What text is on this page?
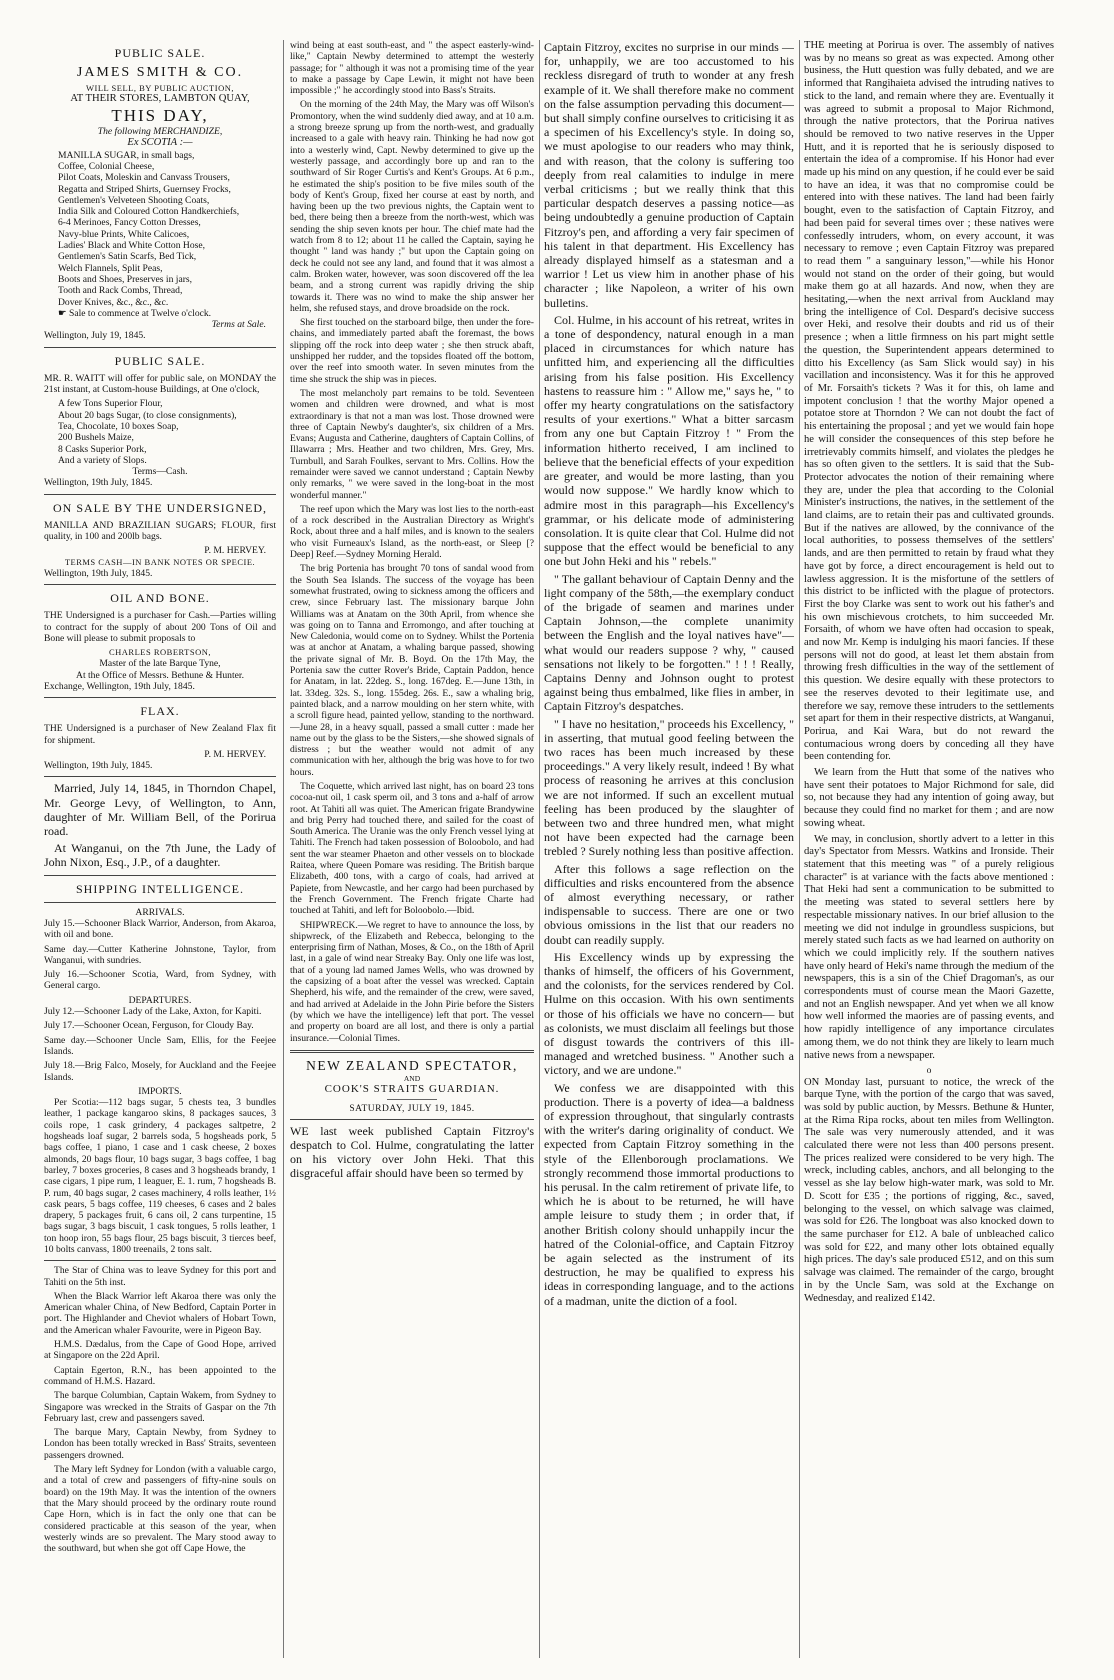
PUBLIC SALE.
JAMES SMITH & CO.
WILL SELL, BY PUBLIC AUCTION,
AT THEIR STORES, LAMBTON QUAY,
THIS DAY,
The following MERCHANDIZE,
Ex SCOTIA :—
MANILLA SUGAR, in small bags,
Coffee, Colonial Cheese,
Pilot Coats, Moleskin and Canvass Trousers,
Regatta and Striped Shirts, Guernsey Frocks,
Gentlemen's Velveteen Shooting Coats,
India Silk and Coloured Cotton Handkerchiefs,
6-4 Merinoes, Fancy Cotton Dresses,
Navy-blue Prints, White Calicoes,
Ladies' Black and White Cotton Hose,
Gentlemen's Satin Scarfs, Bed Tick,
Welch Flannels, Split Peas,
Boots and Shoes, Preserves in jars,
Tooth and Rack Combs, Thread,
Dover Knives, &c., &c., &c.
☛ Sale to commence at Twelve o'clock.
Terms at Sale.
Wellington, July 19, 1845.
PUBLIC SALE.

MR. R. WAITT will offer for public sale, on MONDAY the 21st instant, at Custom-house Buildings, at One o'clock,

A few Tons Superior Flour,
About 20 bags Sugar, (to close consignments),
Tea, Chocolate, 10 boxes Soap,
200 Bushels Maize,
8 Casks Superior Pork,
And a variety of Slops.
Terms—Cash.
Wellington, 19th July, 1845.
ON SALE BY THE UNDERSIGNED,

MANILLA AND BRAZILIAN SUGARS; FLOUR, first quality, in 100 and 200lb bags.

P. M. HERVEY.
TERMS CASH—IN BANK NOTES OR SPECIE.
Wellington, 19th July, 1845.
OIL AND BONE.

THE Undersigned is a purchaser for Cash.—Parties willing to contract for the supply of about 200 Tons of Oil and Bone will please to submit proposals to

CHARLES ROBERTSON,
Master of the late Barque Tyne,
At the Office of Messrs. Bethune & Hunter.
Exchange, Wellington, 19th July, 1845.
FLAX.

THE Undersigned is a purchaser of New Zealand Flax fit for shipment.

P. M. HERVEY.
Wellington, 19th July, 1845.

Married, July 14, 1845, in Thorndon Chapel, Mr. George Levy, of Wellington, to Ann, daughter of Mr. William Bell, of the Porirua road.

At Wanganui, on the 7th June, the Lady of John Nixon, Esq., J.P., of a daughter.

SHIPPING INTELLIGENCE.
ARRIVALS.

July 15.—Schooner Black Warrior, Anderson, from Akaroa, with oil and bone.

Same day.—Cutter Katherine Johnstone, Taylor, from Wanganui, with sundries.

July 16.—Schooner Scotia, Ward, from Sydney, with General cargo.

DEPARTURES.

July 12.—Schooner Lady of the Lake, Axton, for Kapiti.

July 17.—Schooner Ocean, Ferguson, for Cloudy Bay.

Same day.—Schooner Uncle Sam, Ellis, for the Feejee Islands.

July 18.—Brig Falco, Mosely, for Auckland and the Feejee Islands.

IMPORTS.

Per Scotia:—112 bags sugar, 5 chests tea, 3 bundles leather, 1 package kangaroo skins, 8 packages sauces, 3 coils rope, 1 cask grindery, 4 packages saltpetre, 2 hogsheads loaf sugar, 2 barrels soda, 5 hogsheads pork, 5 bags coffee, 1 piano, 1 case and 1 cask cheese, 2 boxes almonds, 20 bags flour, 10 bags sugar, 3 bags coffee, 1 bag barley, 7 boxes groceries, 8 cases and 3 hogsheads brandy, 1 case cigars, 1 pipe rum, 1 leaguer, E. 1. rum, 7 hogsheads B. P. rum, 40 bags sugar, 2 cases machinery, 4 rolls leather, 1½ cask pears, 5 bags coffee, 119 cheeses, 6 cases and 2 bales drapery, 5 packages fruit, 6 cans oil, 2 cans turpentine, 15 bags sugar, 3 bags biscuit, 1 cask tongues, 5 rolls leather, 1 ton hoop iron, 55 bags flour, 25 bags biscuit, 3 tierces beef, 10 bolts canvass, 1800 treenails, 2 tons salt.

The Star of China was to leave Sydney for this port and Tahiti on the 5th inst.

When the Black Warrior left Akaroa there was only the American whaler China, of New Bedford, Captain Porter in port. The Highlander and Cheviot whalers of Hobart Town, and the American whaler Favourite, were in Pigeon Bay.

H.M.S. Dædalus, from the Cape of Good Hope, arrived at Singapore on the 22d April.

Captain Egerton, R.N., has been appointed to the command of H.M.S. Hazard.

The barque Columbian, Captain Wakem, from Sydney to Singapore was wrecked in the Straits of Gaspar on the 7th February last, crew and passengers saved.

The barque Mary, Captain Newby, from Sydney to London has been totally wrecked in Bass' Straits, seventeen passengers drowned.

The Mary left Sydney for London (with a valuable cargo, and a total of crew and passengers of fifty-nine souls on board) on the 19th May. It was the intention of the owners that the Mary should proceed by the ordinary route round Cape Horn, which is in fact the only one that can be considered practicable at this season of the year, when westerly winds are so prevalent. The Mary stood away to the southward, but when she got off Cape Howe, the

wind being at east south-east, and " the aspect easterly-wind-like," Captain Newby determined to attempt the westerly passage; for " although it was not a promising time of the year to make a passage by Cape Lewin, it might not have been impossible ;" he accordingly stood into Bass's Straits.

On the morning of the 24th May, the Mary was off Wilson's Promontory, when the wind suddenly died away, and at 10 a.m. a strong breeze sprung up from the north-west, and gradually increased to a gale with heavy rain. Thinking he had now got into a westerly wind, Capt. Newby determined to give up the westerly passage, and accordingly bore up and ran to the southward of Sir Roger Curtis's and Kent's Groups. At 6 p.m., he estimated the ship's position to be five miles south of the body of Kent's Group, fixed her course at east by north, and having been up the two previous nights, the Captain went to bed, there being then a breeze from the north-west, which was sending the ship seven knots per hour. The chief mate had the watch from 8 to 12; about 11 he called the Captain, saying he thought " land was handy ;" but upon the Captain going on deck he could not see any land, and found that it was almost a calm. Broken water, however, was soon discovered off the lea beam, and a strong current was rapidly driving the ship towards it. There was no wind to make the ship answer her helm, she refused stays, and drove broadside on the rock.

She first touched on the starboard bilge, then under the fore-chains, and immediately parted abaft the foremast, the bows slipping off the rock into deep water ; she then struck abaft, unshipped her rudder, and the topsides floated off the bottom, over the reef into smooth water. In seven minutes from the time she struck the ship was in pieces.

The most melancholy part remains to be told. Seventeen women and children were drowned, and what is most extraordinary is that not a man was lost. Those drowned were three of Captain Newby's daughter's, six children of a Mrs. Evans; Augusta and Catherine, daughters of Captain Collins, of Illawarra ; Mrs. Heather and two children, Mrs. Grey, Mrs. Turnbull, and Sarah Foulkes, servant to Mrs. Collins. How the remainder were saved we cannot understand ; Captain Newby only remarks, " we were saved in the long-boat in the most wonderful manner."

The reef upon which the Mary was lost lies to the north-east of a rock described in the Australian Directory as Wright's Rock, about three and a half miles, and is known to the sealers who visit Furneaux's Island, as the north-east, or Sleep [? Deep] Reef.—Sydney Morning Herald.

The brig Portenia has brought 70 tons of sandal wood from the South Sea Islands. The success of the voyage has been somewhat frustrated, owing to sickness among the officers and crew, since February last. The missionary barque John Williams was at Anatam on the 30th April, from whence she was going on to Tanna and Erromongo, and after touching at New Caledonia, would come on to Sydney. Whilst the Portenia was at anchor at Anatam, a whaling barque passed, showing the private signal of Mr. B. Boyd. On the 17th May, the Portenia saw the cutter Rover's Bride, Captain Paddon, hence for Anatam, in lat. 22deg. S., long. 167deg. E.—June 13th, in lat. 33deg. 32s. S., long. 155deg. 26s. E., saw a whaling brig, painted black, and a narrow moulding on her stern white, with a scroll figure head, painted yellow, standing to the northward.—June 28, in a heavy squall, passed a small cutter : made her name out by the glass to be the Sisters,—she showed signals of distress ; but the weather would not admit of any communication with her, although the brig was hove to for two hours.

The Coquette, which arrived last night, has on board 23 tons cocoa-nut oil, 1 cask sperm oil, and 3 tons and a-half of arrow root. At Tahiti all was quiet. The American frigate Brandywine and brig Perry had touched there, and sailed for the coast of South America. The Uranie was the only French vessel lying at Tahiti. The French had taken possession of Boloobolo, and had sent the war steamer Phaeton and other vessels on to blockade Raitea, where Queen Pomare was residing. The British barque Elizabeth, 400 tons, with a cargo of coals, had arrived at Papiete, from Newcastle, and her cargo had been purchased by the French Government. The French frigate Charte had touched at Tahiti, and left for Boloobolo.—Ibid.

SHIPWRECK.—We regret to have to announce the loss, by shipwreck, of the Elizabeth and Rebecca, belonging to the enterprising firm of Nathan, Moses, & Co., on the 18th of April last, in a gale of wind near Streaky Bay. Only one life was lost, that of a young lad named James Wells, who was drowned by the capsizing of a boat after the vessel was wrecked. Captain Shepherd, his wife, and the remainder of the crew, were saved, and had arrived at Adelaide in the John Pirie before the Sisters (by which we have the intelligence) left that port. The vessel and property on board are all lost, and there is only a partial insurance.—Colonial Times.

NEW ZEALAND SPECTATOR,
AND
COOK'S STRAITS GUARDIAN.
SATURDAY, JULY 19, 1845.

WE last week published Captain Fitzroy's despatch to Col. Hulme, congratulating the latter on his victory over John Heki. That this disgraceful affair should have been so termed by

Captain Fitzroy, excites no surprise in our minds —for, unhappily, we are too accustomed to his reckless disregard of truth to wonder at any fresh example of it. We shall therefore make no comment on the false assumption pervading this document—but shall simply confine ourselves to criticising it as a specimen of his Excellency's style. In doing so, we must apologise to our readers who may think, and with reason, that the colony is suffering too deeply from real calamities to indulge in mere verbal criticisms ; but we really think that this particular despatch deserves a passing notice—as being undoubtedly a genuine production of Captain Fitzroy's pen, and affording a very fair specimen of his talent in that department. His Excellency has already displayed himself as a statesman and a warrior ! Let us view him in another phase of his character ; like Napoleon, a writer of his own bulletins.

Col. Hulme, in his account of his retreat, writes in a tone of despondency, natural enough in a man placed in circumstances for which nature has unfitted him, and experiencing all the difficulties arising from his false position. His Excellency hastens to reassure him : " Allow me," says he, " to offer my hearty congratulations on the satisfactory results of your exertions." What a bitter sarcasm from any one but Captain Fitzroy ! " From the information hitherto received, I am inclined to believe that the beneficial effects of your expedition are greater, and would be more lasting, than you would now suppose." We hardly know which to admire most in this paragraph—his Excellency's grammar, or his delicate mode of administering consolation. It is quite clear that Col. Hulme did not suppose that the effect would be beneficial to any one but John Heki and his " rebels."

" The gallant behaviour of Captain Denny and the light company of the 58th,—the exemplary conduct of the brigade of seamen and marines under Captain Johnson,—the complete unanimity between the English and the loyal natives have"—what would our readers suppose ? why, " caused sensations not likely to be forgotten." ! ! ! Really, Captains Denny and Johnson ought to protest against being thus embalmed, like flies in amber, in Captain Fitzroy's despatches.

" I have no hesitation," proceeds his Excellency, " in asserting, that mutual good feeling between the two races has been much increased by these proceedings." A very likely result, indeed ! By what process of reasoning he arrives at this conclusion we are not informed. If such an excellent mutual feeling has been produced by the slaughter of between two and three hundred men, what might not have been expected had the carnage been trebled ? Surely nothing less than positive affection.

After this follows a sage reflection on the difficulties and risks encountered from the absence of almost everything necessary, or rather indispensable to success. There are one or two obvious omissions in the list that our readers no doubt can readily supply.

His Excellency winds up by expressing the thanks of himself, the officers of his Government, and the colonists, for the services rendered by Col. Hulme on this occasion. With his own sentiments or those of his officials we have no concern— but as colonists, we must disclaim all feelings but those of disgust towards the contrivers of this ill-managed and wretched business. " Another such a victory, and we are undone."

We confess we are disappointed with this production. There is a poverty of idea—a baldness of expression throughout, that singularly contrasts with the writer's daring originality of conduct. We expected from Captain Fitzroy something in the style of the Ellenborough proclamations. We strongly recommend those immortal productions to his perusal. In the calm retirement of private life, to which he is about to be returned, he will have ample leisure to study them ; in order that, if another British colony should unhappily incur the hatred of the Colonial-office, and Captain Fitzroy be again selected as the instrument of its destruction, he may be qualified to express his ideas in corresponding language, and to the actions of a madman, unite the diction of a fool.

THE meeting at Porirua is over. The assembly of natives was by no means so great as was expected. Among other business, the Hutt question was fully debated, and we are informed that Rangihaieta advised the intruding natives to stick to the land, and remain where they are. Eventually it was agreed to submit a proposal to Major Richmond, through the native protectors, that the Porirua natives should be removed to two native reserves in the Upper Hutt, and it is reported that he is seriously disposed to entertain the idea of a compromise. If his Honor had ever made up his mind on any question, if he could ever be said to have an idea, it was that no compromise could be entered into with these natives. The land had been fairly bought, even to the satisfaction of Captain Fitzroy, and had been paid for several times over ; these natives were confessedly intruders, whom, on every account, it was necessary to remove ; even Captain Fitzroy was prepared to read them " a sanguinary lesson,"—while his Honor would not stand on the order of their going, but would make them go at all hazards. And now, when they are hesitating,—when the next arrival from Auckland may bring the intelligence of Col. Despard's decisive success over Heki, and resolve their doubts and rid us of their presence ; when a little firmness on his part might settle the question, the Superintendent appears determined to ditto his Excellency (as Sam Slick would say) in his vacillation and inconsistency. Was it for this he approved of Mr. Forsaith's tickets ? Was it for this, oh lame and impotent conclusion ! that the worthy Major opened a potatoe store at Thorndon ? We can not doubt the fact of his entertaining the proposal ; and yet we would fain hope he will consider the consequences of this step before he irretrievably commits himself, and violates the pledges he has so often given to the settlers. It is said that the Sub-Protector advocates the notion of their remaining where they are, under the plea that according to the Colonial Minister's instructions, the natives, in the settlement of the land claims, are to retain their pas and cultivated grounds. But if the natives are allowed, by the connivance of the local authorities, to possess themselves of the settlers' lands, and are then permitted to retain by fraud what they have got by force, a direct encouragement is held out to lawless aggression. It is the misfortune of the settlers of this district to be inflicted with the plague of protectors. First the boy Clarke was sent to work out his father's and his own mischievous crotchets, to him succeeded Mr. Forsaith, of whom we have often had occasion to speak, and now Mr. Kemp is indulging his maori fancies. If these persons will not do good, at least let them abstain from throwing fresh difficulties in the way of the settlement of this question. We desire equally with these protectors to see the reserves devoted to their legitimate use, and therefore we say, remove these intruders to the settlements set apart for them in their respective districts, at Wanganui, Porirua, and Kai Wara, but do not reward the contumacious wrong doers by conceding all they have been contending for.

We learn from the Hutt that some of the natives who have sent their potatoes to Major Richmond for sale, did so, not because they had any intention of going away, but because they could find no market for them ; and are now sowing wheat.

We may, in conclusion, shortly advert to a letter in this day's Spectator from Messrs. Watkins and Ironside. Their statement that this meeting was " of a purely religious character" is at variance with the facts above mentioned : That Heki had sent a communication to be submitted to the meeting was stated to several settlers here by respectable missionary natives. In our brief allusion to the meeting we did not indulge in groundless suspicions, but merely stated such facts as we had learned on authority on which we could implicitly rely. If the southern natives have only heard of Heki's name through the medium of the newspapers, this is a sin of the Chief Dragoman's, as our correspondents must of course mean the Maori Gazette, and not an English newspaper. And yet when we all know how well informed the maories are of passing events, and how rapidly intelligence of any importance circulates among them, we do not think they are likely to learn much native news from a newspaper.

o

ON Monday last, pursuant to notice, the wreck of the barque Tyne, with the portion of the cargo that was saved, was sold by public auction, by Messrs. Bethune & Hunter, at the Rima Ripa rocks, about ten miles from Wellington. The sale was very numerously attended, and it was calculated there were not less than 400 persons present. The prices realized were considered to be very high. The wreck, including cables, anchors, and all belonging to the vessel as she lay below high-water mark, was sold to Mr. D. Scott for £35 ; the portions of rigging, &c., saved, belonging to the vessel, on which salvage was claimed, was sold for £26. The longboat was also knocked down to the same purchaser for £12. A bale of unbleached calico was sold for £22, and many other lots obtained equally high prices. The day's sale produced £512, and on this sum salvage was claimed. The remainder of the cargo, brought in by the Uncle Sam, was sold at the Exchange on Wednesday, and realized £142.
